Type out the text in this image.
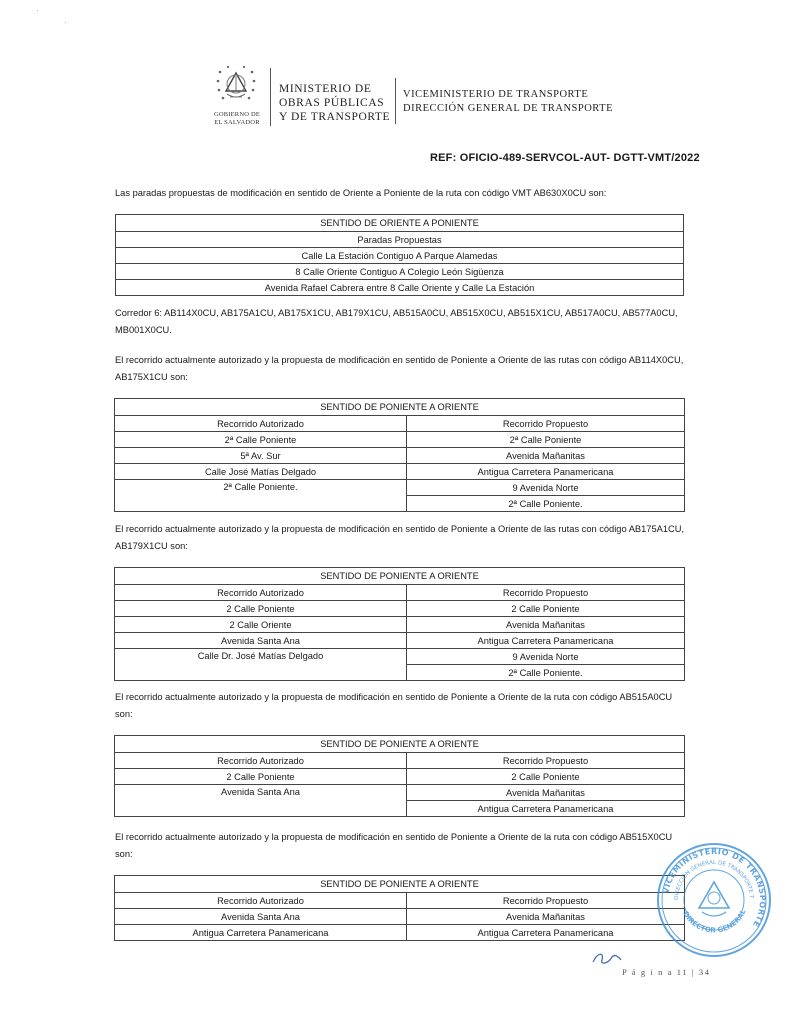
·
·
GOBIERNO DE
EL SALVADOR
MINISTERIO DE
OBRAS PÚBLICAS
Y DE TRANSPORTE
VICEMINISTERIO DE TRANSPORTE
DIRECCIÓN GENERAL DE TRANSPORTE
REF: OFICIO-489-SERVCOL-AUT- DGTT-VMT/2022
Las paradas propuestas de modificación en sentido de Oriente a Poniente de la ruta con código VMT AB630X0CU son:
SENTIDO DE ORIENTE A PONIENTE
Paradas Propuestas
Calle La Estación Contiguo A Parque Alamedas
8 Calle Oriente Contiguo A Colegio León Sigüenza
Avenida Rafael Cabrera entre 8 Calle Oriente y Calle La Estación
Corredor 6: AB114X0CU, AB175A1CU, AB175X1CU, AB179X1CU, AB515A0CU, AB515X0CU, AB515X1CU, AB517A0CU, AB577A0CU, MB001X0CU.
El recorrido actualmente autorizado y la propuesta de modificación en sentido de Poniente a Oriente de las rutas con código AB114X0CU, AB175X1CU son:
SENTIDO DE PONIENTE A ORIENTE	
Recorrido Autorizado	Recorrido Propuesto
2ª Calle Poniente	2ª Calle Poniente
5ª Av. Sur	Avenida Mañanitas
Calle José Matías Delgado	Antigua Carretera Panamericana
2ª Calle Poniente.	9 Avenida Norte
	2ª Calle Poniente.
El recorrido actualmente autorizado y la propuesta de modificación en sentido de Poniente a Oriente de las rutas con código AB175A1CU, AB179X1CU son:
SENTIDO DE PONIENTE A ORIENTE	
Recorrido Autorizado	Recorrido Propuesto
2 Calle Poniente	2 Calle Poniente
2 Calle Oriente	Avenida Mañanitas
Avenida Santa Ana	Antigua Carretera Panamericana
Calle Dr. José Matías Delgado	9 Avenida Norte
	2ª Calle Poniente.
El recorrido actualmente autorizado y la propuesta de modificación en sentido de Poniente a Oriente de la ruta con código AB515A0CU son:
SENTIDO DE PONIENTE A ORIENTE	
Recorrido Autorizado	Recorrido Propuesto
2 Calle Poniente	2 Calle Poniente
Avenida Santa Ana	Avenida Mañanitas
	Antigua Carretera Panamericana
El recorrido actualmente autorizado y la propuesta de modificación en sentido de Poniente a Oriente de la ruta con código AB515X0CU son:
SENTIDO DE PONIENTE A ORIENTE	
Recorrido Autorizado	Recorrido Propuesto
Avenida Santa Ana	Avenida Mañanitas
Antigua Carretera Panamericana	Antigua Carretera Panamericana
VICEMINISTERIO DE TRANSPORTE
DIRECCIÓN GENERAL DE TRANSPORTE T
DIRECTOR GENERAL
P á g i n a 11 | 34
